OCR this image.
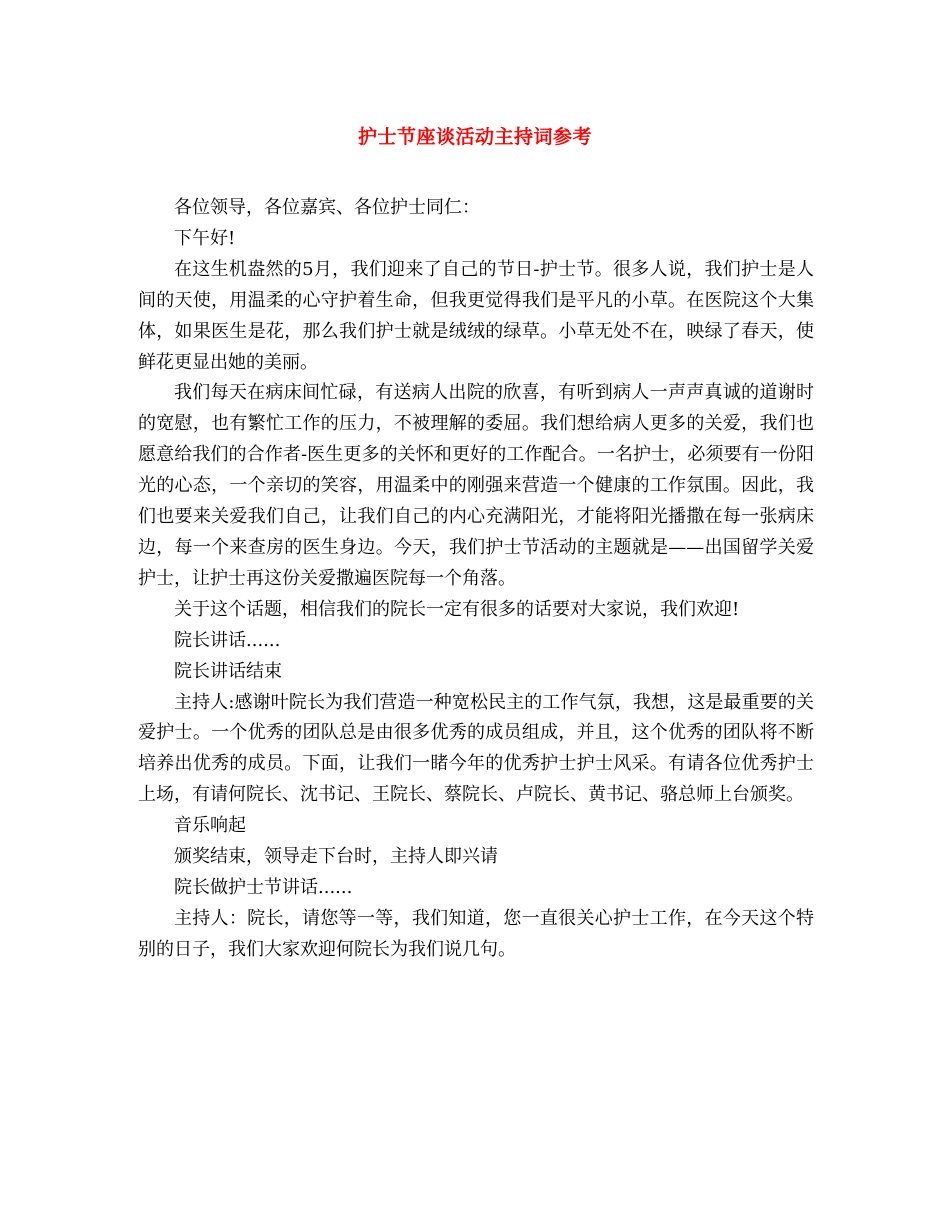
护士节座谈活动主持词参考

各位领导，各位嘉宾、各位护士同仁：

下午好!

在这生机盎然的5月，我们迎来了自己的节日-护士节。很多人说，我们护士是人间的天使，用温柔的心守护着生命，但我更觉得我们是平凡的小草。在医院这个大集体，如果医生是花，那么我们护士就是绒绒的绿草。小草无处不在，映绿了春天，使鲜花更显出她的美丽。

我们每天在病床间忙碌，有送病人出院的欣喜，有听到病人一声声真诚的道谢时的宽慰，也有繁忙工作的压力，不被理解的委屈。我们想给病人更多的关爱，我们也愿意给我们的合作者-医生更多的关怀和更好的工作配合。一名护士，必须要有一份阳光的心态，一个亲切的笑容，用温柔中的刚强来营造一个健康的工作氛围。因此，我们也要来关爱我们自己，让我们自己的内心充满阳光，才能将阳光播撒在每一张病床边，每一个来查房的医生身边。今天，我们护士节活动的主题就是——出国留学关爱护士，让护士再这份关爱撒遍医院每一个角落。

关于这个话题，相信我们的院长一定有很多的话要对大家说，我们欢迎!

院长讲话......

院长讲话结束

主持人:感谢叶院长为我们营造一种宽松民主的工作气氛，我想，这是最重要的关爱护士。一个优秀的团队总是由很多优秀的成员组成，并且，这个优秀的团队将不断培养出优秀的成员。下面，让我们一睹今年的优秀护士护士风采。有请各位优秀护士上场，有请何院长、沈书记、王院长、蔡院长、卢院长、黄书记、骆总师上台颁奖。

音乐响起

颁奖结束，领导走下台时，主持人即兴请

院长做护士节讲话......

主持人：院长，请您等一等，我们知道，您一直很关心护士工作，在今天这个特别的日子，我们大家欢迎何院长为我们说几句。
